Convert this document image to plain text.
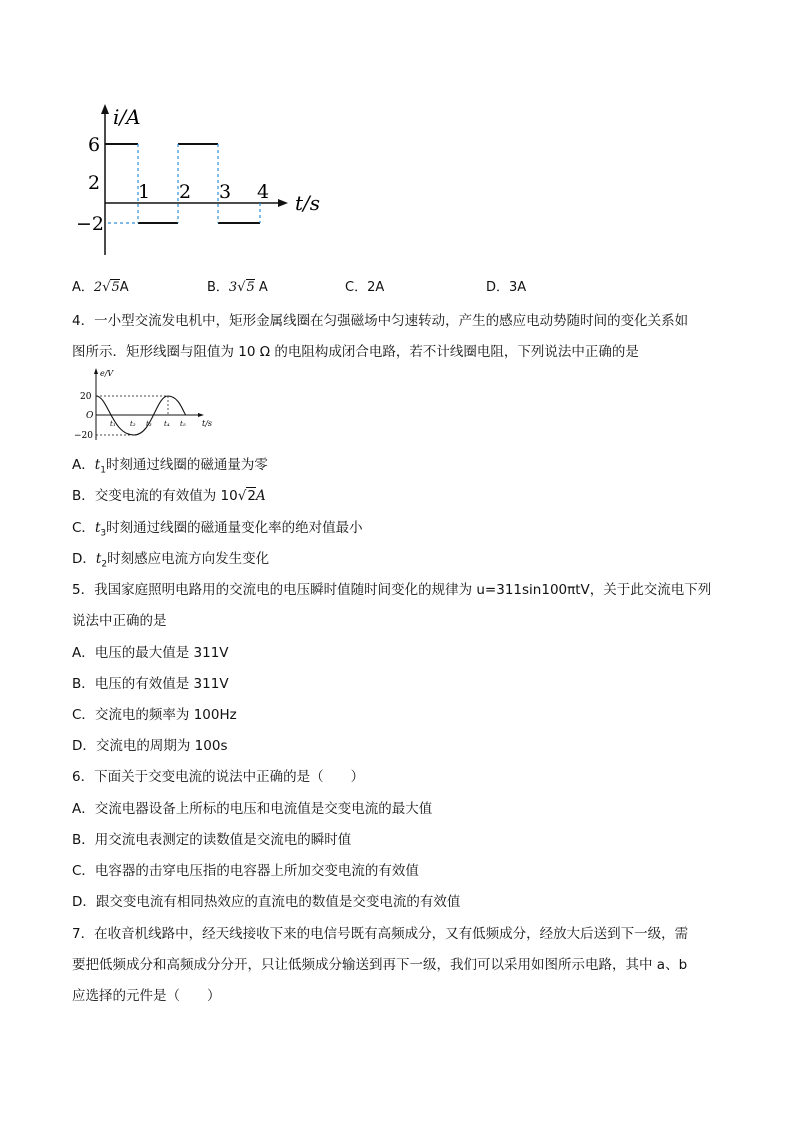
i/A
t/s
6
2
−2
1 2 3 4
A．2√5A	B．3√5 A	C．2A	D．3A
4．一小型交流发电机中，矩形金属线圈在匀强磁场中匀速转动，产生的感应电动势随时间的变化关系如
图所示．矩形线圈与阻值为 10 Ω 的电阻构成闭合电路，若不计线圈电阻，下列说法中正确的是
e/V
t/s
O
20
−20
t₁ t₂ t₃ t₄ t₅
A．$t_1$时刻通过线圈的磁通量为零
B．交变电流的有效值为 10√2A
C．$t_3$时刻通过线圈的磁通量变化率的绝对值最小
D．$t_2$时刻感应电流方向发生变化
5．我国家庭照明电路用的交流电的电压瞬时值随时间变化的规律为 u=311sin100πtV，关于此交流电下列
说法中正确的是
A．电压的最大值是 311V
B．电压的有效值是 311V
C．交流电的频率为 100Hz
D．交流电的周期为 100s
6．下面关于交变电流的说法中正确的是（　　）
A．交流电器设备上所标的电压和电流值是交变电流的最大值
B．用交流电表测定的读数值是交流电的瞬时值
C．电容器的击穿电压指的电容器上所加交变电流的有效值
D．跟交变电流有相同热效应的直流电的数值是交变电流的有效值
7．在收音机线路中，经天线接收下来的电信号既有高频成分，又有低频成分，经放大后送到下一级，需
要把低频成分和高频成分分开，只让低频成分输送到再下一级，我们可以采用如图所示电路，其中 a、b
应选择的元件是（　　）
